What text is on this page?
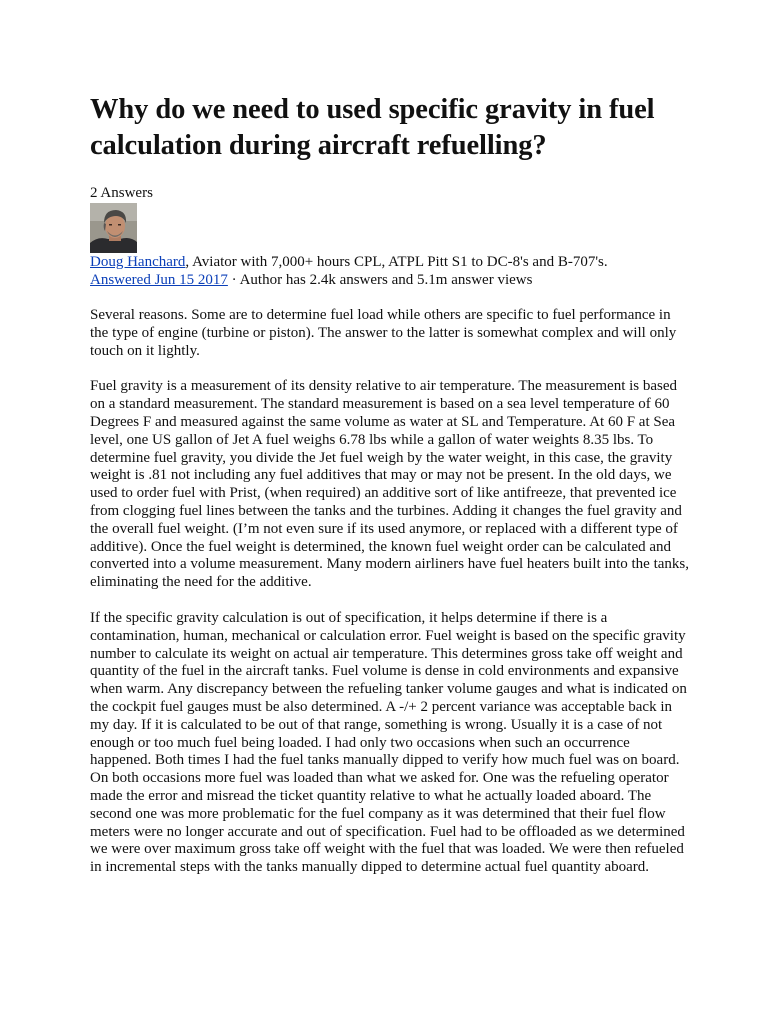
Why do we need to used specific gravity in fuel calculation during aircraft refuelling?
2 Answers
Doug Hanchard, Aviator with 7,000+ hours CPL, ATPL Pitt S1 to DC-8's and B-707's.
Answered Jun 15 2017 · Author has 2.4k answers and 5.1m answer views

Several reasons. Some are to determine fuel load while others are specific to fuel performance in the type of engine (turbine or piston). The answer to the latter is somewhat complex and will only touch on it lightly.

Fuel gravity is a measurement of its density relative to air temperature. The measurement is based on a standard measurement. The standard measurement is based on a sea level temperature of 60 Degrees F and measured against the same volume as water at SL and Temperature. At 60 F at Sea level, one US gallon of Jet A fuel weighs 6.78 lbs while a gallon of water weights 8.35 lbs. To determine fuel gravity, you divide the Jet fuel weigh by the water weight, in this case, the gravity weight is .81 not including any fuel additives that may or may not be present. In the old days, we used to order fuel with Prist, (when required) an additive sort of like antifreeze, that prevented ice from clogging fuel lines between the tanks and the turbines. Adding it changes the fuel gravity and the overall fuel weight. (I’m not even sure if its used anymore, or replaced with a different type of additive). Once the fuel weight is determined, the known fuel weight order can be calculated and converted into a volume measurement. Many modern airliners have fuel heaters built into the tanks, eliminating the need for the additive.

If the specific gravity calculation is out of specification, it helps determine if there is a contamination, human, mechanical or calculation error. Fuel weight is based on the specific gravity number to calculate its weight on actual air temperature. This determines gross take off weight and quantity of the fuel in the aircraft tanks. Fuel volume is dense in cold environments and expansive when warm. Any discrepancy between the refueling tanker volume gauges and what is indicated on the cockpit fuel gauges must be also determined. A -/+ 2 percent variance was acceptable back in my day. If it is calculated to be out of that range, something is wrong. Usually it is a case of not enough or too much fuel being loaded. I had only two occasions when such an occurrence happened. Both times I had the fuel tanks manually dipped to verify how much fuel was on board. On both occasions more fuel was loaded than what we asked for. One was the refueling operator made the error and misread the ticket quantity relative to what he actually loaded aboard. The second one was more problematic for the fuel company as it was determined that their fuel flow meters were no longer accurate and out of specification. Fuel had to be offloaded as we determined we were over maximum gross take off weight with the fuel that was loaded. We were then refueled in incremental steps with the tanks manually dipped to determine actual fuel quantity aboard.
